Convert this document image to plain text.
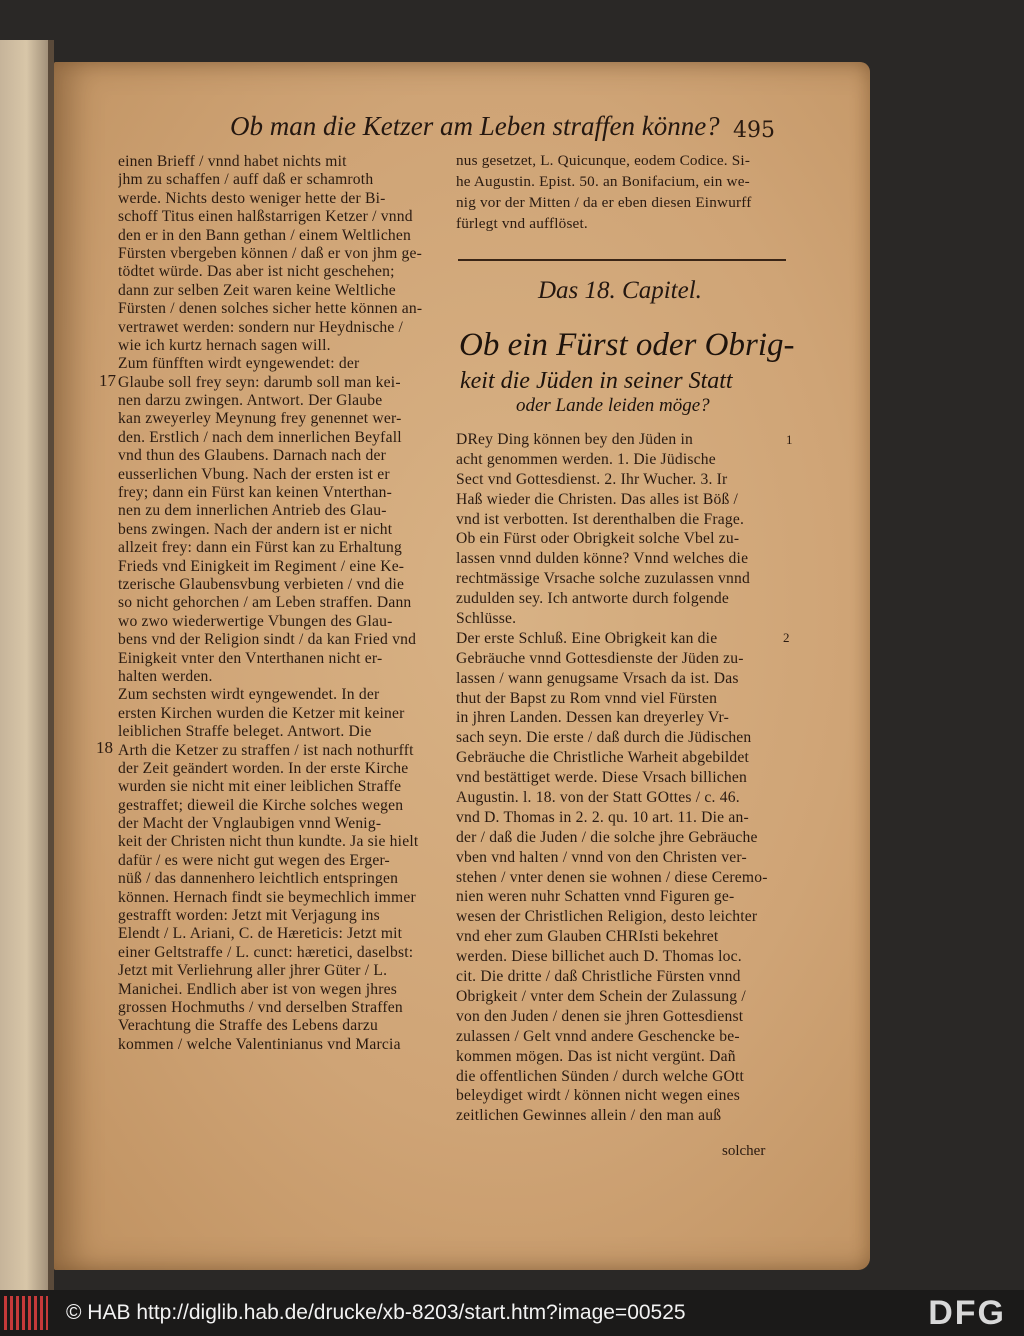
Ob man die Ketzer am Leben straffen könne? 495
einen Brieff / vnnd habet nichts mit
jhm zu schaffen / auff daß er schamroth
werde. Nichts desto weniger hette der Bi-
schoff Titus einen halßstarrigen Ketzer / vnnd
den er in den Bann gethan / einem Weltlichen
Fürsten vbergeben können / daß er von jhm ge-
tödtet würde. Das aber ist nicht geschehen;
dann zur selben Zeit waren keine Weltliche
Fürsten / denen solches sicher hette können an-
vertrawet werden: sondern nur Heydnische /
wie ich kurtz hernach sagen will.
Zum fünfften wirdt eyngewendet: der
Glaube soll frey seyn: darumb soll man kei-
nen darzu zwingen. Antwort. Der Glaube
kan zweyerley Meynung frey genennet wer-
den. Erstlich / nach dem innerlichen Beyfall
vnd thun des Glaubens. Darnach nach der
eusserlichen Vbung. Nach der ersten ist er
frey; dann ein Fürst kan keinen Vnterthan-
nen zu dem innerlichen Antrieb des Glau-
bens zwingen. Nach der andern ist er nicht
allzeit frey: dann ein Fürst kan zu Erhaltung
Frieds vnd Einigkeit im Regiment / eine Ke-
tzerische Glaubensvbung verbieten / vnd die
so nicht gehorchen / am Leben straffen. Dann
wo zwo wiederwertige Vbungen des Glau-
bens vnd der Religion sindt / da kan Fried vnd
Einigkeit vnter den Vnterthanen nicht er-
halten werden.
Zum sechsten wirdt eyngewendet. In der
ersten Kirchen wurden die Ketzer mit keiner
leiblichen Straffe beleget. Antwort. Die
Arth die Ketzer zu straffen / ist nach nothurfft
der Zeit geändert worden. In der erste Kirche
wurden sie nicht mit einer leiblichen Straffe
gestraffet; dieweil die Kirche solches wegen
der Macht der Vnglaubigen vnnd Wenig-
keit der Christen nicht thun kundte. Ja sie hielt
dafür / es were nicht gut wegen des Erger-
nüß / das dannenhero leichtlich entspringen
können. Hernach findt sie beymechlich immer
gestrafft worden: Jetzt mit Verjagung ins
Elendt / L. Ariani, C. de Hæreticis: Jetzt mit
einer Geltstraffe / L. cunct: hæretici, daselbst:
Jetzt mit Verliehrung aller jhrer Güter / L.
Manichei. Endlich aber ist von wegen jhres
grossen Hochmuths / vnd derselben Straffen
Verachtung die Straffe des Lebens darzu
kommen / welche Valentinianus vnd Marcia
17
18
nus gesetzet, L. Quicunque, eodem Codice. Si-
he Augustin. Epist. 50. an Bonifacium, ein we-
nig vor der Mitten / da er eben diesen Einwurff
fürlegt vnd aufflöset.
Das 18. Capitel.
Ob ein Fürst oder Obrig-
keit die Jüden in seiner Statt
oder Lande leiden möge?
DRey Ding können bey den Jüden in
acht genommen werden. 1. Die Jüdische
Sect vnd Gottesdienst. 2. Ihr Wucher. 3. Ir
Haß wieder die Christen. Das alles ist Böß /
vnd ist verbotten. Ist derenthalben die Frage.
Ob ein Fürst oder Obrigkeit solche Vbel zu-
lassen vnnd dulden könne? Vnnd welches die
rechtmässige Vrsache solche zuzulassen vnnd
zudulden sey. Ich antworte durch folgende
Schlüsse.
Der erste Schluß. Eine Obrigkeit kan die
Gebräuche vnnd Gottesdienste der Jüden zu-
lassen / wann genugsame Vrsach da ist. Das
thut der Bapst zu Rom vnnd viel Fürsten
in jhren Landen. Dessen kan dreyerley Vr-
sach seyn. Die erste / daß durch die Jüdischen
Gebräuche die Christliche Warheit abgebildet
vnd bestättiget werde. Diese Vrsach billichen
Augustin. l. 18. von der Statt GOttes / c. 46.
vnd D. Thomas in 2. 2. qu. 10 art. 11. Die an-
der / daß die Juden / die solche jhre Gebräuche
vben vnd halten / vnnd von den Christen ver-
stehen / vnter denen sie wohnen / diese Ceremo-
nien weren nuhr Schatten vnnd Figuren ge-
wesen der Christlichen Religion, desto leichter
vnd eher zum Glauben CHRIsti bekehret
werden. Diese billichet auch D. Thomas loc.
cit. Die dritte / daß Christliche Fürsten vnnd
Obrigkeit / vnter dem Schein der Zulassung /
von den Juden / denen sie jhren Gottesdienst
zulassen / Gelt vnnd andere Geschencke be-
kommen mögen. Das ist nicht vergünt. Dañ
die offentlichen Sünden / durch welche GOtt
beleydiget wirdt / können nicht wegen eines
zeitlichen Gewinnes allein / den man auß
1
2
solcher
© HAB http://diglib.hab.de/drucke/xb-8203/start.htm?image=00525	DFG
